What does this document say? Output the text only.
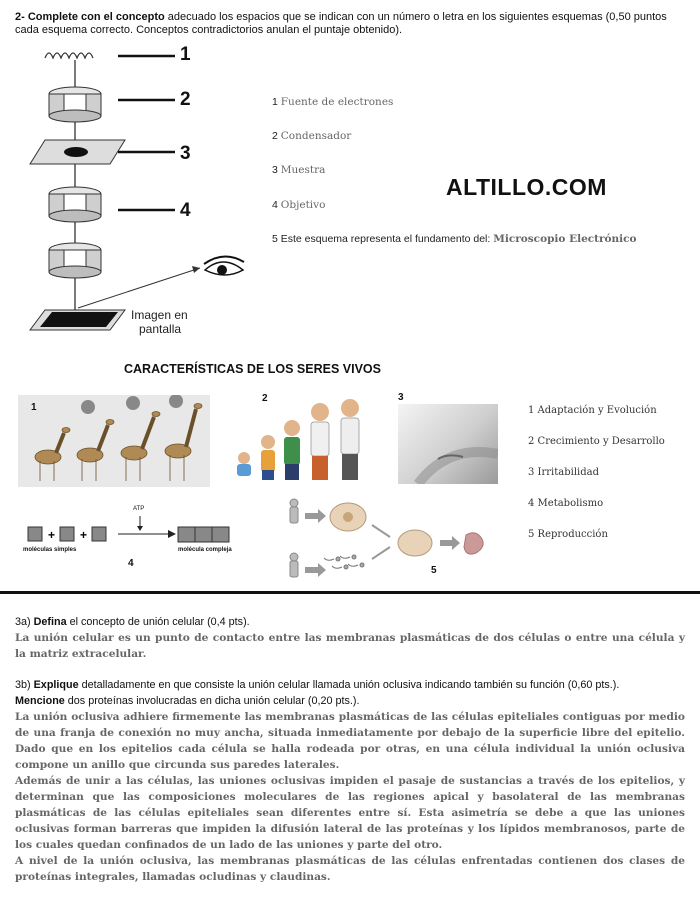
2- Complete con el concepto adecuado los espacios que se indican con un número o letra en los siguientes esquemas (0,50 puntos cada esquema correcto. Conceptos contradictorios anulan el puntaje obtenido).
1
2
3
4
Imagen en
pantalla
1 Fuente de electrones
2 Condensador
3 Muestra
4 Objetivo
5 Este esquema representa el fundamento del: Microscopio Electrónico
ALTILLO.COM
CARACTERÍSTICAS DE LOS SERES VIVOS
1
2	3
+ +
ATP
moléculas simples	molécula compleja
4
5
1 Adaptación y Evolución
2 Crecimiento y Desarrollo
3 Irritabilidad
4 Metabolismo
5 Reproducción
3a) Defina el concepto de unión celular (0,4 pts).
La unión celular es un punto de contacto entre las membranas plasmáticas de dos células o entre una célula y la matriz extracelular.
3b) Explique detalladamente en que consiste la unión celular llamada unión oclusiva indicando también su función (0,60 pts.).
Mencione dos proteínas involucradas en dicha unión celular (0,20 pts.).
La unión oclusiva adhiere firmemente las membranas plasmáticas de las células epiteliales contiguas por medio de una franja de conexión no muy ancha, situada inmediatamente por debajo de la superficie libre del epitelio. Dado que en los epitelios cada célula se halla rodeada por otras, en una célula individual la unión oclusiva compone un anillo que circunda sus paredes laterales.
Además de unir a las células, las uniones oclusivas impiden el pasaje de sustancias a través de los epitelios, y determinan que las composiciones moleculares de las regiones apical y basolateral de las membranas plasmáticas de las células epiteliales sean diferentes entre sí. Esta asimetría se debe a que las uniones oclusivas forman barreras que impiden la difusión lateral de las proteínas y los lípidos membranosos, parte de los cuales quedan confinados de un lado de las uniones y parte del otro.
A nivel de la unión oclusiva, las membranas plasmáticas de las células enfrentadas contienen dos clases de proteínas integrales, llamadas ocludinas y claudinas.
